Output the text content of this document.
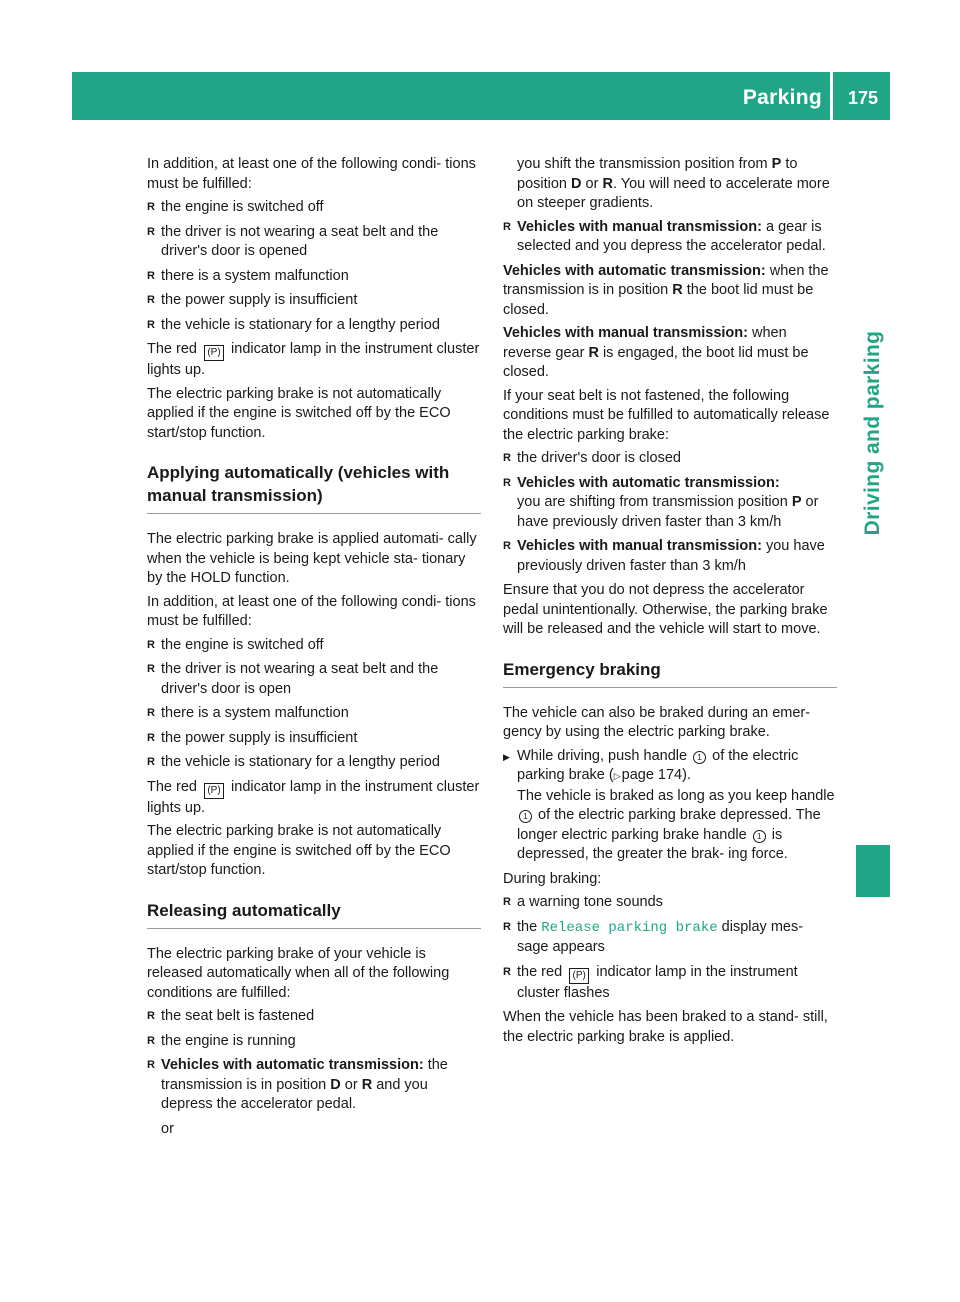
Parking 175
Driving and parking

In addition, at least one of the following condi- tions must be fulfilled:

R the engine is switched off
R the driver is not wearing a seat belt and the driver's door is opened
R there is a system malfunction
R the power supply is insufficient
R the vehicle is stationary for a lengthy period

The red (P) indicator lamp in the instrument cluster lights up.

The electric parking brake is not automatically applied if the engine is switched off by the ECO start/stop function.

Applying automatically (vehicles with manual transmission)

The electric parking brake is applied automati- cally when the vehicle is being kept vehicle sta- tionary by the HOLD function.

In addition, at least one of the following condi- tions must be fulfilled:

R the engine is switched off
R the driver is not wearing a seat belt and the driver's door is open
R there is a system malfunction
R the power supply is insufficient
R the vehicle is stationary for a lengthy period

The red (P) indicator lamp in the instrument cluster lights up.

The electric parking brake is not automatically applied if the engine is switched off by the ECO start/stop function.

Releasing automatically

The electric parking brake of your vehicle is released automatically when all of the following conditions are fulfilled:

R the seat belt is fastened
R the engine is running
R Vehicles with automatic transmission: the transmission is in position D or R and you depress the accelerator pedal.

or

you shift the transmission position from P to position D or R. You will need to accelerate more on steeper gradients.

R Vehicles with manual transmission: a gear is selected and you depress the accelerator pedal.

Vehicles with automatic transmission: when the transmission is in position R the boot lid must be closed.

Vehicles with manual transmission: when reverse gear R is engaged, the boot lid must be closed.

If your seat belt is not fastened, the following conditions must be fulfilled to automatically release the electric parking brake:

R the driver's door is closed
R Vehicles with automatic transmission:
you are shifting from transmission position P or have previously driven faster than 3 km/h
R Vehicles with manual transmission: you have previously driven faster than 3 km/h

Ensure that you do not depress the accelerator pedal unintentionally. Otherwise, the parking brake will be released and the vehicle will start to move.

Emergency braking

The vehicle can also be braked during an emer- gency by using the electric parking brake.

▶ While driving, push handle 1 of the electric parking brake (▷page 174).
The vehicle is braked as long as you keep handle 1 of the electric parking brake depressed. The longer electric parking brake handle 1 is depressed, the greater the brak- ing force.

During braking:

R a warning tone sounds
R the Release parking brake display mes- sage appears
R the red (P) indicator lamp in the instrument cluster flashes

When the vehicle has been braked to a stand- still, the electric parking brake is applied.
